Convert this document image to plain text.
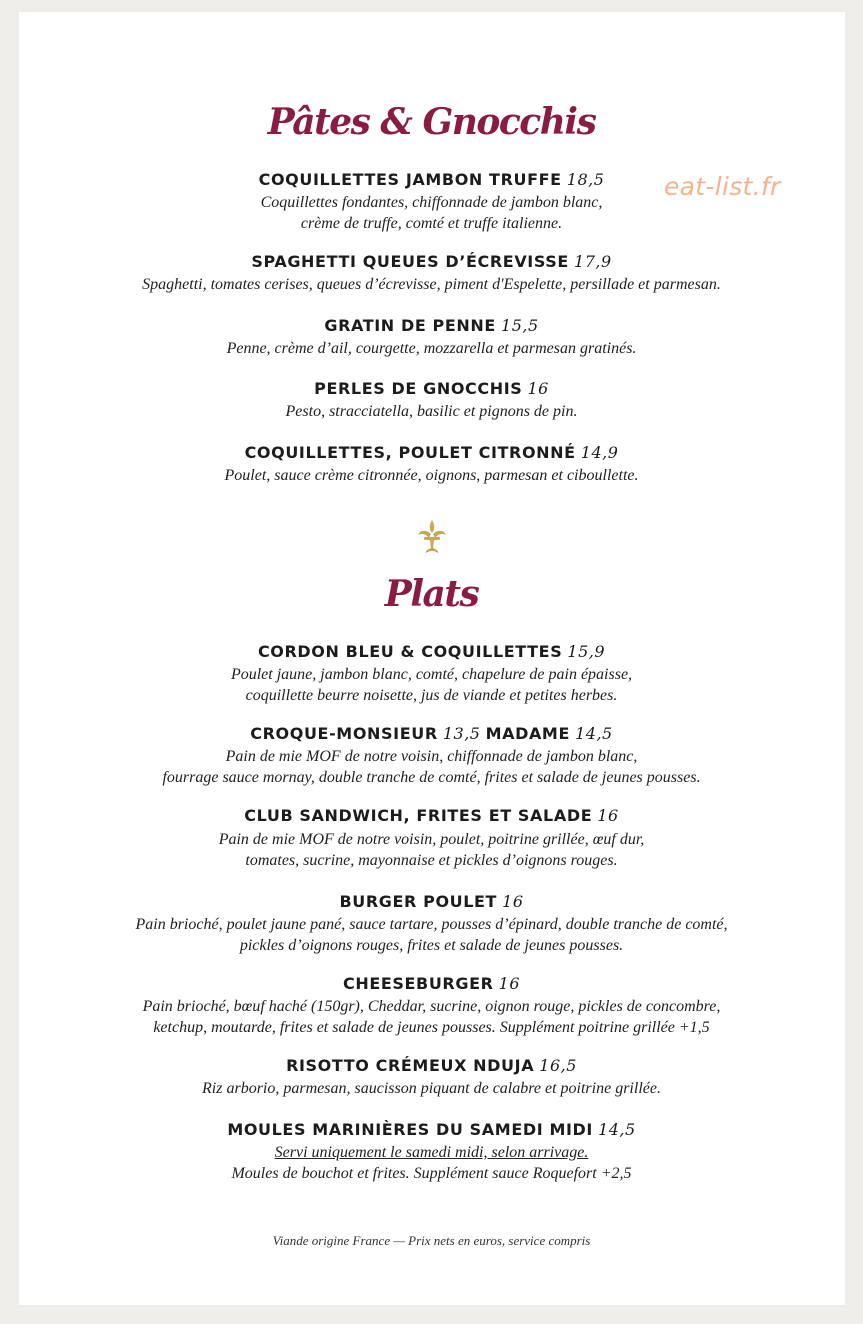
eat-list.fr
Pâtes & Gnocchis
COQUILLETTES JAMBON TRUFFE 18,5
Coquillettes fondantes, chiffonnade de jambon blanc,
crème de truffe, comté et truffe italienne.
SPAGHETTI QUEUES D’ÉCREVISSE 17,9
Spaghetti, tomates cerises, queues d’écrevisse, piment d'Espelette, persillade et parmesan.
GRATIN DE PENNE 15,5
Penne, crème d’ail, courgette, mozzarella et parmesan gratinés.
PERLES DE GNOCCHIS 16
Pesto, stracciatella, basilic et pignons de pin.
COQUILLETTES, POULET CITRONNÉ 14,9
Poulet, sauce crème citronnée, oignons, parmesan et ciboullette.
Plats
CORDON BLEU & COQUILLETTES 15,9
Poulet jaune, jambon blanc, comté, chapelure de pain épaisse,
coquillette beurre noisette, jus de viande et petites herbes.
CROQUE-MONSIEUR 13,5 MADAME 14,5
Pain de mie MOF de notre voisin, chiffonnade de jambon blanc,
fourrage sauce mornay, double tranche de comté, frites et salade de jeunes pousses.
CLUB SANDWICH, FRITES ET SALADE 16
Pain de mie MOF de notre voisin, poulet, poitrine grillée, œuf dur,
tomates, sucrine, mayonnaise et pickles d’oignons rouges.
BURGER POULET 16
Pain brioché, poulet jaune pané, sauce tartare, pousses d’épinard, double tranche de comté,
pickles d’oignons rouges, frites et salade de jeunes pousses.
CHEESEBURGER 16
Pain brioché, bœuf haché (150gr), Cheddar, sucrine, oignon rouge, pickles de concombre,
ketchup, moutarde, frites et salade de jeunes pousses. Supplément poitrine grillée +1,5
RISOTTO CRÉMEUX NDUJA 16,5
Riz arborio, parmesan, saucisson piquant de calabre et poitrine grillée.
MOULES MARINIÈRES DU SAMEDI MIDI 14,5
Servi uniquement le samedi midi, selon arrivage.
Moules de bouchot et frites. Supplément sauce Roquefort +2,5
Viande origine France — Prix nets en euros, service compris
